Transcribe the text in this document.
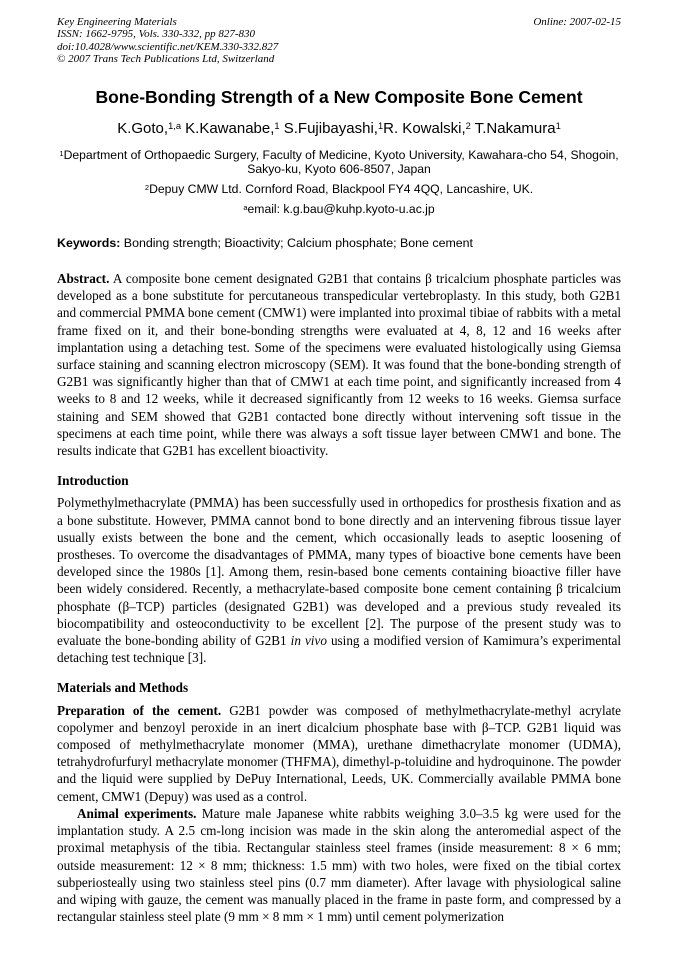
Key Engineering Materials
ISSN: 1662-9795, Vols. 330-332, pp 827-830
doi:10.4028/www.scientific.net/KEM.330-332.827
© 2007 Trans Tech Publications Ltd, Switzerland
Online: 2007-02-15
Bone-Bonding Strength of a New Composite Bone Cement
K.Goto,$^{1,a}$ K.Kawanabe,$^1$ S.Fujibayashi,$^1$R. Kowalski,$^2$ T.Nakamura$^1$
$^1$Department of Orthopaedic Surgery, Faculty of Medicine, Kyoto University, Kawahara-cho 54, Shogoin, Sakyo-ku, Kyoto 606-8507, Japan
$^2$Depuy CMW Ltd. Cornford Road, Blackpool FY4 4QQ, Lancashire, UK.
$^a$email: k.g.bau@kuhp.kyoto-u.ac.jp
Keywords: Bonding strength; Bioactivity; Calcium phosphate; Bone cement

Abstract. A composite bone cement designated G2B1 that contains β tricalcium phosphate particles was developed as a bone substitute for percutaneous transpedicular vertebroplasty. In this study, both G2B1 and commercial PMMA bone cement (CMW1) were implanted into proximal tibiae of rabbits with a metal frame fixed on it, and their bone-bonding strengths were evaluated at 4, 8, 12 and 16 weeks after implantation using a detaching test. Some of the specimens were evaluated histologically using Giemsa surface staining and scanning electron microscopy (SEM). It was found that the bone-bonding strength of G2B1 was significantly higher than that of CMW1 at each time point, and significantly increased from 4 weeks to 8 and 12 weeks, while it decreased significantly from 12 weeks to 16 weeks. Giemsa surface staining and SEM showed that G2B1 contacted bone directly without intervening soft tissue in the specimens at each time point, while there was always a soft tissue layer between CMW1 and bone. The results indicate that G2B1 has excellent bioactivity.

Introduction

Polymethylmethacrylate (PMMA) has been successfully used in orthopedics for prosthesis fixation and as a bone substitute. However, PMMA cannot bond to bone directly and an intervening fibrous tissue layer usually exists between the bone and the cement, which occasionally leads to aseptic loosening of prostheses. To overcome the disadvantages of PMMA, many types of bioactive bone cements have been developed since the 1980s [1]. Among them, resin-based bone cements containing bioactive filler have been widely considered. Recently, a methacrylate-based composite bone cement containing β tricalcium phosphate (β–TCP) particles (designated G2B1) was developed and a previous study revealed its biocompatibility and osteoconductivity to be excellent [2]. The purpose of the present study was to evaluate the bone-bonding ability of G2B1 in vivo using a modified version of Kamimura’s experimental detaching test technique [3].

Materials and Methods

Preparation of the cement. G2B1 powder was composed of methylmethacrylate-methyl acrylate copolymer and benzoyl peroxide in an inert dicalcium phosphate base with β–TCP. G2B1 liquid was composed of methylmethacrylate monomer (MMA), urethane dimethacrylate monomer (UDMA), tetrahydrofurfuryl methacrylate monomer (THFMA), dimethyl-p-toluidine and hydroquinone. The powder and the liquid were supplied by DePuy International, Leeds, UK. Commercially available PMMA bone cement, CMW1 (Depuy) was used as a control.

Animal experiments. Mature male Japanese white rabbits weighing 3.0–3.5 kg were used for the implantation study. A 2.5 cm-long incision was made in the skin along the anteromedial aspect of the proximal metaphysis of the tibia. Rectangular stainless steel frames (inside measurement: 8 × 6 mm; outside measurement: 12 × 8 mm; thickness: 1.5 mm) with two holes, were fixed on the tibial cortex subperiosteally using two stainless steel pins (0.7 mm diameter). After lavage with physiological saline and wiping with gauze, the cement was manually placed in the frame in paste form, and compressed by a rectangular stainless steel plate (9 mm × 8 mm × 1 mm) until cement polymerization
